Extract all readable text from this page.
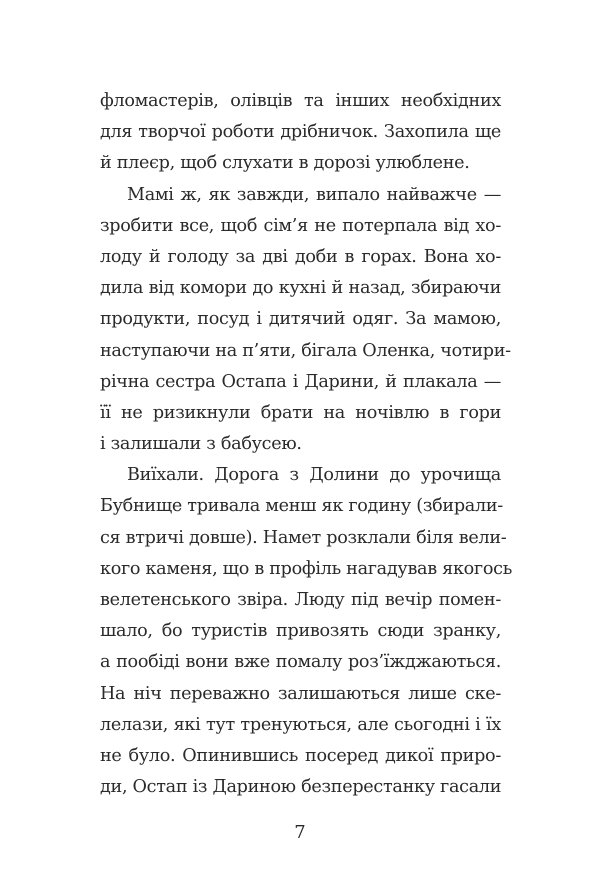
фломастерів, олівців та інших необхідних
для творчої роботи дрібничок. Захопила ще
й плеєр, щоб слухати в дорозі улюблене.
Мамі ж, як завжди, випало найважче —
зробити все, щоб сім’я не потерпала від хо-
лоду й голоду за дві доби в горах. Вона хо-
дила від комори до кухні й назад, збираючи
продукти, посуд і дитячий одяг. За мамою,
наступаючи на п’яти, бігала Оленка, чотири-
річна сестра Остапа і Дарини, й плакала —
її не ризикнули брати на ночівлю в гори
і залишали з бабусею.
Виїхали. Дорога з Долини до урочища
Бубнище тривала менш як годину (збирали-
ся втричі довше). Намет розклали біля вели-
кого каменя, що в профіль нагадував якогось
велетенського звіра. Люду під вечір помен-
шало, бо туристів привозять сюди зранку,
а пообіді вони вже помалу роз’їжджаються.
На ніч переважно залишаються лише ске-
лелази, які тут тренуються, але сьогодні і їх
не було. Опинившись посеред дикої приро-
ди, Остап із Дариною безперестанку гасали
7
